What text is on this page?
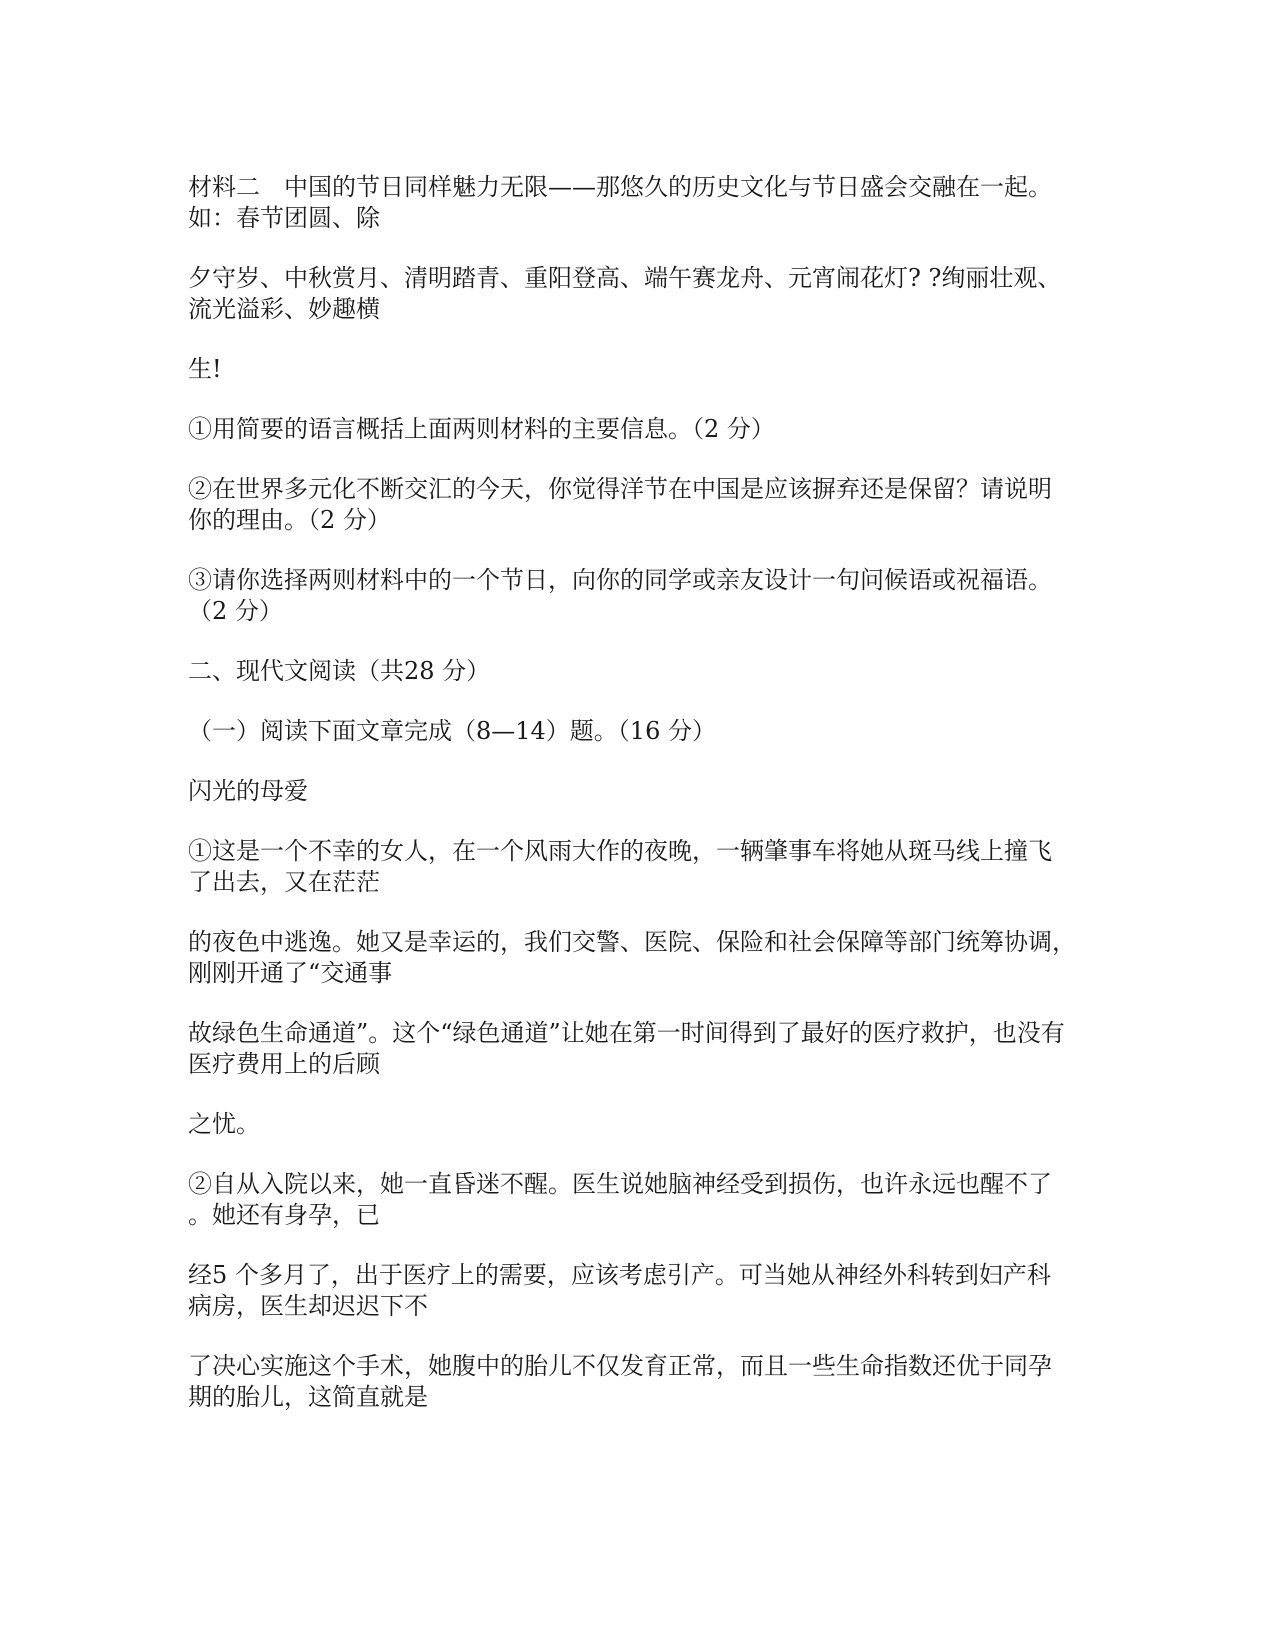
材料二　中国的节日同样魅力无限——那悠久的历史文化与节日盛会交融在一起。
如：春节团圆、除

夕守岁、中秋赏月、清明踏青、重阳登高、端午赛龙舟、元宵闹花灯? ?绚丽壮观、
流光溢彩、妙趣横

生!

①用简要的语言概括上面两则材料的主要信息。（2 分）

②在世界多元化不断交汇的今天，你觉得洋节在中国是应该摒弃还是保留？请说明
你的理由。（2 分）

③请你选择两则材料中的一个节日，向你的同学或亲友设计一句问候语或祝福语。
（2 分）

二、现代文阅读（共28 分）

（一）阅读下面文章完成（8—14）题。（16 分）

闪光的母爱

①这是一个不幸的女人，在一个风雨大作的夜晚，一辆肇事车将她从斑马线上撞飞
了出去，又在茫茫

的夜色中逃逸。她又是幸运的，我们交警、医院、保险和社会保障等部门统筹协调，
刚刚开通了“交通事

故绿色生命通道”。这个“绿色通道”让她在第一时间得到了最好的医疗救护，也没有
医疗费用上的后顾

之忧。

②自从入院以来，她一直昏迷不醒。医生说她脑神经受到损伤，也许永远也醒不了
。她还有身孕，已

经5 个多月了，出于医疗上的需要，应该考虑引产。可当她从神经外科转到妇产科
病房，医生却迟迟下不

了决心实施这个手术，她腹中的胎儿不仅发育正常，而且一些生命指数还优于同孕
期的胎儿，这简直就是
